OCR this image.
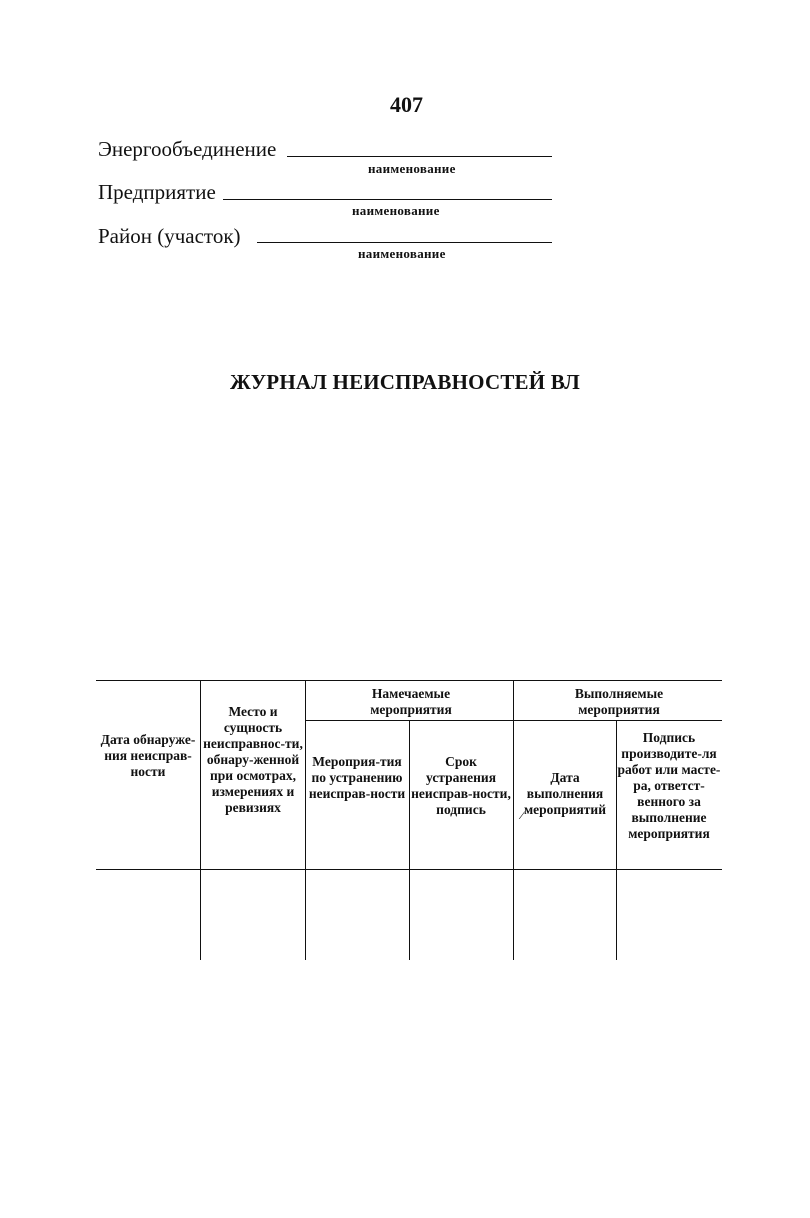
407
Энергообъединение
наименование
Предприятие
наименование
Район (участок)
наименование
ЖУРНАЛ НЕИСПРАВНОСТЕЙ ВЛ
Дата обнаруже-ния неисправ-ности
Место и сущность неисправнос-ти, обнару-женной при осмотрах, измерениях и ревизиях
Намечаемые мероприятия
Мероприя-тия по устранению неисправ-ности
Срок устранения неисправ-ности, подпись
Выполняемые мероприятия
Дата выполнения мероприятий
⁄
Подпись производите-ля работ или масте-ра, ответст-венного за выполнение мероприятия
